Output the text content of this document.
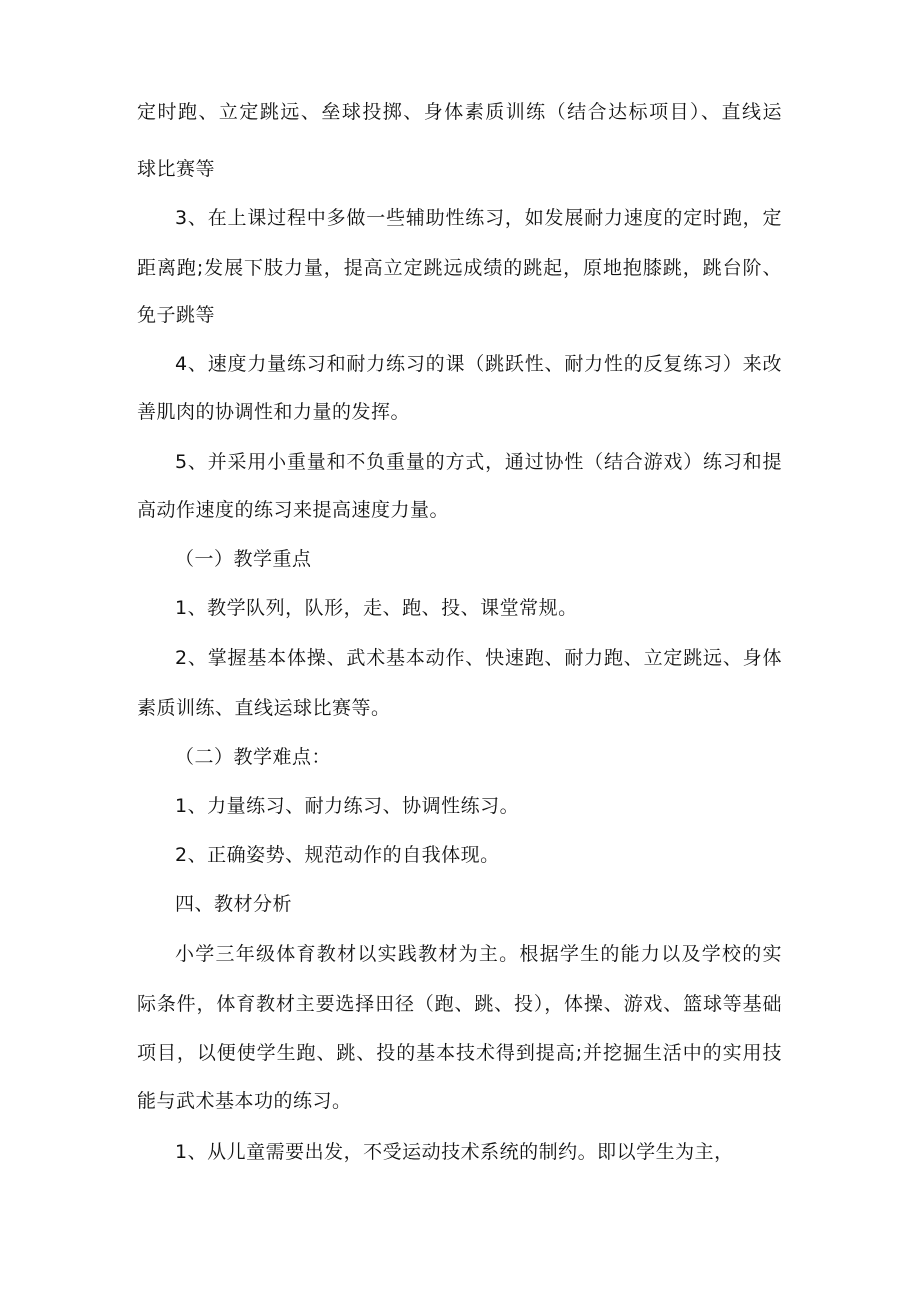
定时跑、立定跳远、垒球投掷、身体素质训练（结合达标项目）、直线运
球比赛等
3、在上课过程中多做一些辅助性练习，如发展耐力速度的定时跑，定
距离跑;发展下肢力量，提高立定跳远成绩的跳起，原地抱膝跳，跳台阶、
免子跳等
4、速度力量练习和耐力练习的课（跳跃性、耐力性的反复练习）来改
善肌肉的协调性和力量的发挥。
5、并采用小重量和不负重量的方式，通过协性（结合游戏）练习和提
高动作速度的练习来提高速度力量。
（一）教学重点
1、教学队列，队形，走、跑、投、课堂常规。
2、掌握基本体操、武术基本动作、快速跑、耐力跑、立定跳远、身体
素质训练、直线运球比赛等。
（二）教学难点：
1、力量练习、耐力练习、协调性练习。
2、正确姿势、规范动作的自我体现。
四、教材分析
小学三年级体育教材以实践教材为主。根据学生的能力以及学校的实
际条件，体育教材主要选择田径（跑、跳、投），体操、游戏、篮球等基础
项目，以便使学生跑、跳、投的基本技术得到提高;并挖掘生活中的实用技
能与武术基本功的练习。
1、从儿童需要出发，不受运动技术系统的制约。即以学生为主，
